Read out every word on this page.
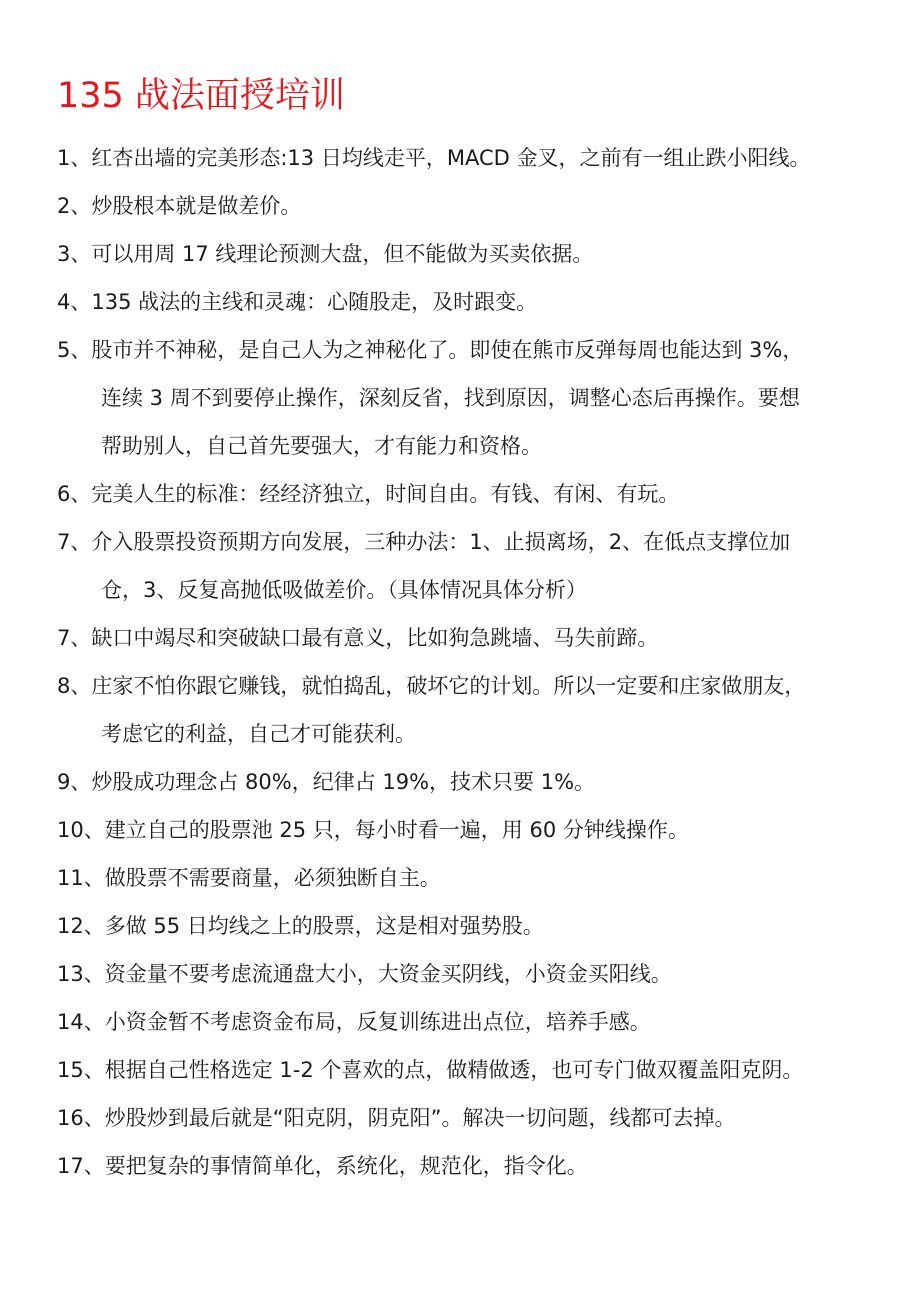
135 战法面授培训
1、红杏出墙的完美形态:13 日均线走平，MACD 金叉，之前有一组止跌小阳线。
2、炒股根本就是做差价。
3、可以用周 17 线理论预测大盘，但不能做为买卖依据。
4、135 战法的主线和灵魂：心随股走，及时跟变。
5、股市并不神秘，是自己人为之神秘化了。即使在熊市反弹每周也能达到 3%，
连续 3 周不到要停止操作，深刻反省，找到原因，调整心态后再操作。要想
帮助别人，自己首先要强大，才有能力和资格。
6、完美人生的标准：经经济独立，时间自由。有钱、有闲、有玩。
7、介入股票投资预期方向发展，三种办法：1、止损离场，2、在低点支撑位加
仓，3、反复高抛低吸做差价。（具体情况具体分析）
7、缺口中竭尽和突破缺口最有意义，比如狗急跳墙、马失前蹄。
8、庄家不怕你跟它赚钱，就怕捣乱，破坏它的计划。所以一定要和庄家做朋友，
考虑它的利益，自己才可能获利。
9、炒股成功理念占 80%，纪律占 19%，技术只要 1%。
10、建立自己的股票池 25 只，每小时看一遍，用 60 分钟线操作。
11、做股票不需要商量，必须独断自主。
12、多做 55 日均线之上的股票，这是相对强势股。
13、资金量不要考虑流通盘大小，大资金买阴线，小资金买阳线。
14、小资金暂不考虑资金布局，反复训练进出点位，培养手感。
15、根据自己性格选定 1-2 个喜欢的点，做精做透，也可专门做双覆盖阳克阴。
16、炒股炒到最后就是“阳克阴，阴克阳”。解决一切问题，线都可去掉。
17、要把复杂的事情简单化，系统化，规范化，指令化。
